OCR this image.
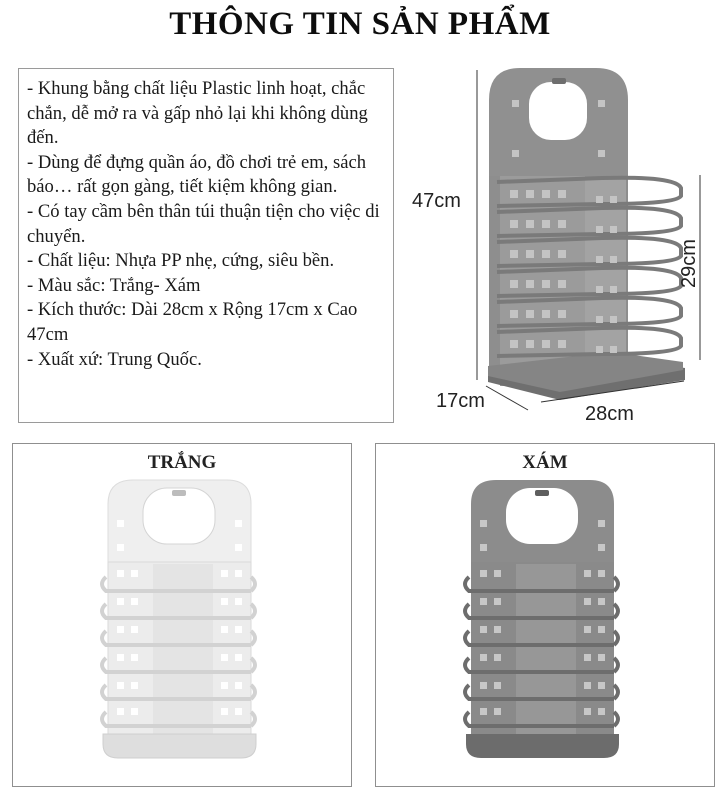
THÔNG TIN SẢN PHẨM
- Khung bằng chất liệu Plastic linh hoạt, chắc chắn, dễ mở ra và gấp nhỏ lại khi không dùng đến.
- Dùng để đựng quần áo, đồ chơi trẻ em, sách báo… rất gọn gàng, tiết kiệm không gian.
- Có tay cầm bên thân túi thuận tiện cho việc di chuyển.
- Chất liệu: Nhựa PP nhẹ, cứng, siêu bền.
- Màu sắc: Trắng- Xám
- Kích thước: Dài 28cm x Rộng 17cm x Cao 47cm
- Xuất xứ: Trung Quốc.
47cm
29cm
17cm
28cm
TRẮNG	XÁM
